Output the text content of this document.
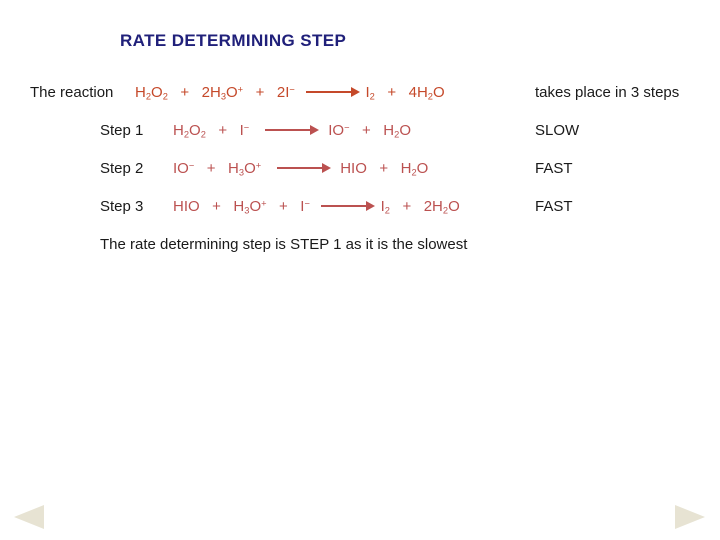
RATE DETERMINING STEP
The reaction $H_2O_2 + 2H_3O^+ + 2I^- \to I_2 + 4H_2O$	takes place in 3 steps
Step 1 $H_2O_2 + I^- \to IO^- + H_2O$	SLOW
Step 2 $IO^- + H_3O^+$ → HIO   +   $H_2O$	FAST
Step 3 HIO   +   $H_3O^+ + I^- \to I_2 + 2H_2O$	FAST
The rate determining step is STEP 1 as it is the slowest
